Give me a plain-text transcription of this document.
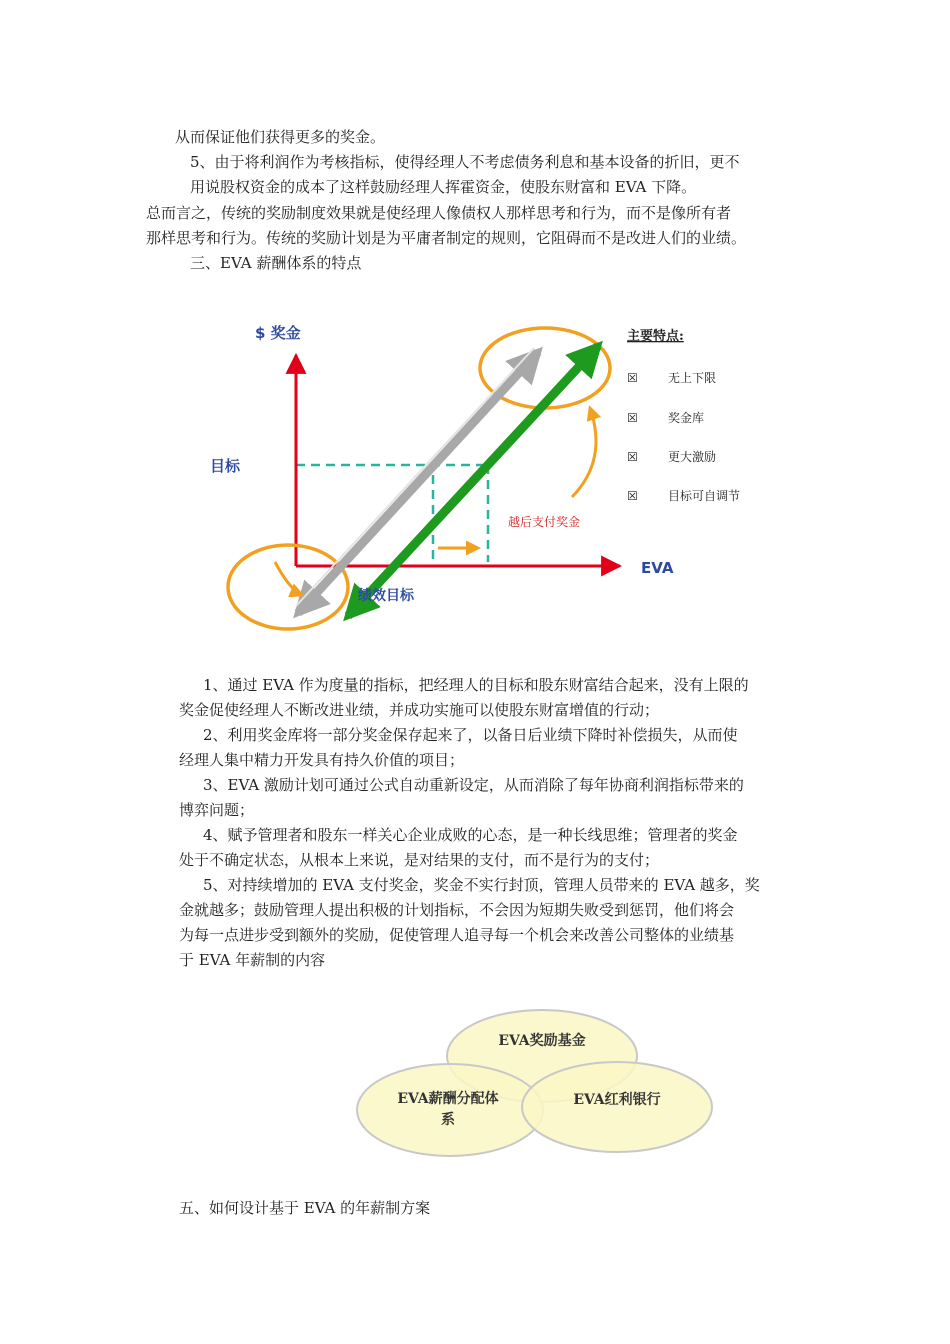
从而保证他们获得更多的奖金。
5、由于将利润作为考核指标，使得经理人不考虑债务利息和基本设备的折旧，更不
用说股权资金的成本了这样鼓励经理人挥霍资金，使股东财富和 EVA 下降。
总而言之，传统的奖励制度效果就是使经理人像债权人那样思考和行为，而不是像所有者
那样思考和行为。传统的奖励计划是为平庸者制定的规则，它阻碍而不是改进人们的业绩。
三、EVA 薪酬体系的特点
$ 奖金
目标
EVA
越后支付奖金
绩效目标
主要特点:
☒	无上下限
☒	奖金库
☒	更大激励
☒	目标可自调节
1、通过 EVA 作为度量的指标，把经理人的目标和股东财富结合起来，没有上限的
奖金促使经理人不断改进业绩，并成功实施可以使股东财富增值的行动；
2、利用奖金库将一部分奖金保存起来了，以备日后业绩下降时补偿损失，从而使
经理人集中精力开发具有持久价值的项目；
3、EVA 激励计划可通过公式自动重新设定，从而消除了每年协商利润指标带来的
博弈问题；
4、赋予管理者和股东一样关心企业成败的心态，是一种长线思维；管理者的奖金
处于不确定状态，从根本上来说，是对结果的支付，而不是行为的支付；
5、对持续增加的 EVA 支付奖金，奖金不实行封顶，管理人员带来的 EVA 越多，奖
金就越多；鼓励管理人提出积极的计划指标，不会因为短期失败受到惩罚，他们将会
为每一点进步受到额外的奖励，促使管理人追寻每一个机会来改善公司整体的业绩基
于 EVA 年薪制的内容
EVA奖励基金
EVA薪酬分配体
系
EVA红利银行
五、如何设计基于 EVA 的年薪制方案
